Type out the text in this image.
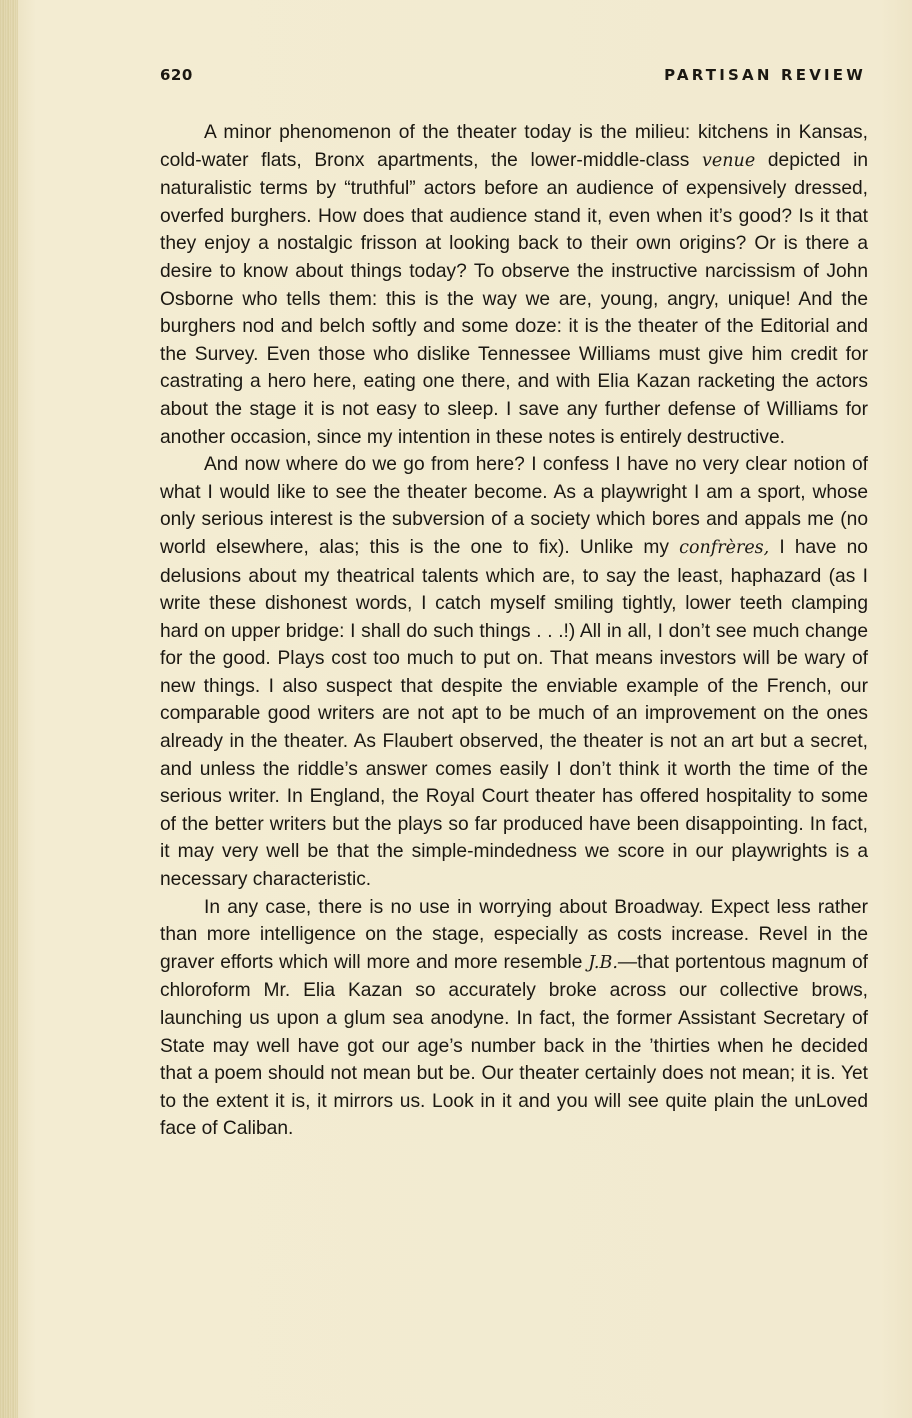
620	PARTISAN REVIEW

A minor phenomenon of the theater today is the milieu: kitchens in Kansas, cold-water flats, Bronx apartments, the lower-middle-class venue depicted in naturalistic terms by “truthful” actors before an audience of expensively dressed, overfed burghers. How does that audience stand it, even when it’s good? Is it that they enjoy a nostalgic frisson at looking back to their own origins? Or is there a desire to know about things today? To observe the instructive narcissism of John Osborne who tells them: this is the way we are, young, angry, unique! And the burghers nod and belch softly and some doze: it is the theater of the Editorial and the Survey. Even those who dislike Tennessee Williams must give him credit for castrating a hero here, eating one there, and with Elia Kazan racketing the actors about the stage it is not easy to sleep. I save any further defense of Williams for another occasion, since my intention in these notes is entirely destructive.

And now where do we go from here? I confess I have no very clear notion of what I would like to see the theater become. As a playwright I am a sport, whose only serious interest is the subversion of a society which bores and appals me (no world elsewhere, alas; this is the one to fix). Unlike my confrères, I have no delusions about my theatrical talents which are, to say the least, haphazard (as I write these dishonest words, I catch myself smiling tightly, lower teeth clamping hard on upper bridge: I shall do such things . . .!) All in all, I don’t see much change for the good. Plays cost too much to put on. That means investors will be wary of new things. I also suspect that despite the enviable example of the French, our comparable good writers are not apt to be much of an improvement on the ones already in the theater. As Flaubert observed, the theater is not an art but a secret, and unless the riddle’s answer comes easily I don’t think it worth the time of the serious writer. In England, the Royal Court theater has offered hospitality to some of the better writers but the plays so far produced have been disappointing. In fact, it may very well be that the simple-mindedness we score in our playwrights is a necessary characteristic.

In any case, there is no use in worrying about Broadway. Expect less rather than more intelligence on the stage, especially as costs increase. Revel in the graver efforts which will more and more resemble J.B.—that portentous magnum of chloroform Mr. Elia Kazan so accurately broke across our collective brows, launching us upon a glum sea anodyne. In fact, the former Assistant Secretary of State may well have got our age’s number back in the ’thirties when he decided that a poem should not mean but be. Our theater certainly does not mean; it is. Yet to the extent it is, it mirrors us. Look in it and you will see quite plain the unLoved face of Caliban.
